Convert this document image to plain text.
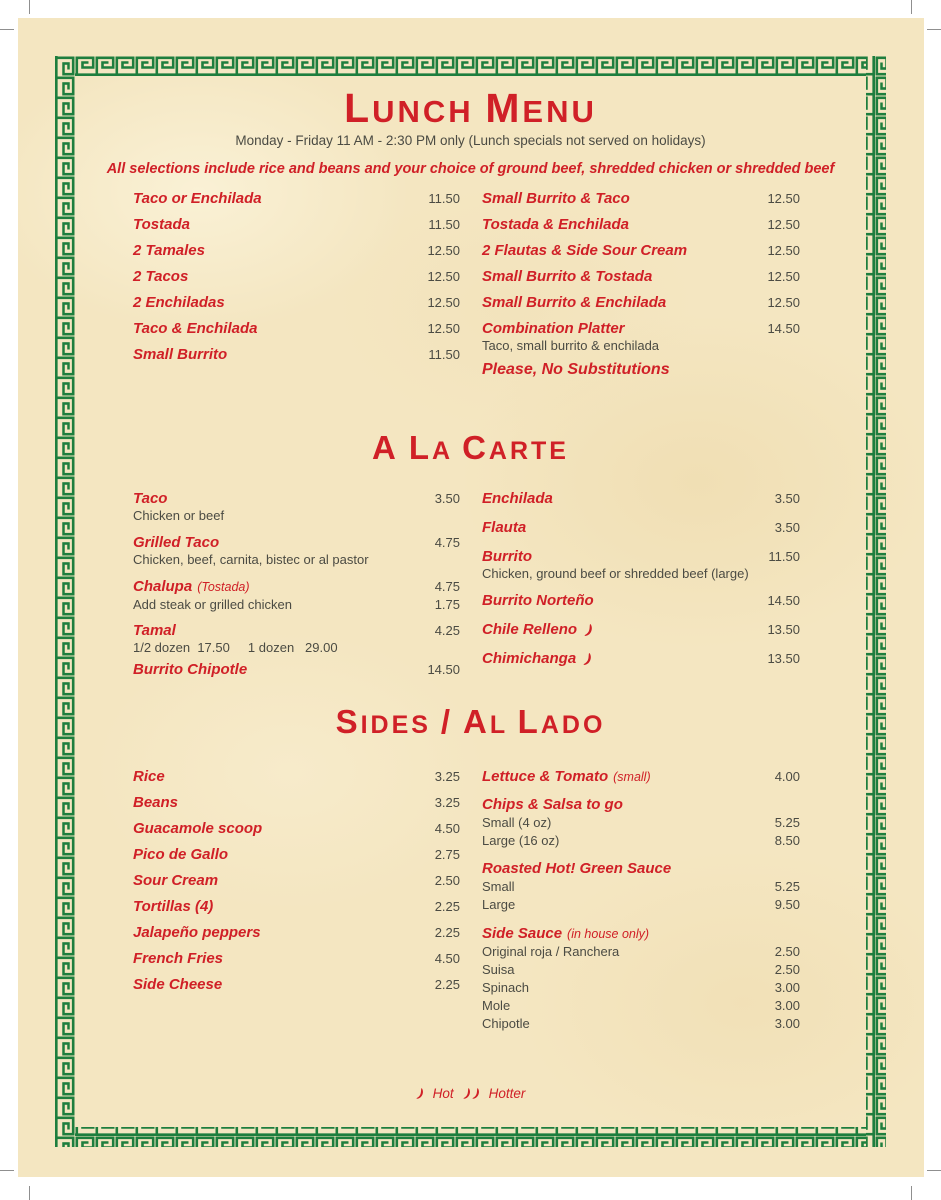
LUNCH MENU
Monday - Friday 11 AM - 2:30 PM only (Lunch specials not served on holidays)
All selections include rice and beans and your choice of ground beef, shredded chicken or shredded beef
Taco or Enchilada	11.50
Tostada	11.50
2 Tamales	12.50
2 Tacos	12.50
2 Enchiladas	12.50
Taco & Enchilada	12.50
Small Burrito	11.50
Small Burrito & Taco	12.50
Tostada & Enchilada	12.50
2 Flautas & Side Sour Cream	12.50
Small Burrito & Tostada	12.50
Small Burrito & Enchilada	12.50
Combination Platter	14.50
Taco, small burrito & enchilada
Please, No Substitutions
A LA CARTE
Taco	3.50
Chicken or beef
Grilled Taco	4.75
Chicken, beef, carnita, bistec or al pastor
Chalupa (Tostada)	4.75
Add steak or grilled chicken	1.75
Tamal	4.25
1/2 dozen  17.50     1 dozen   29.00
Burrito Chipotle	14.50
Enchilada	3.50
Flauta	3.50
Burrito	11.50
Chicken, ground beef or shredded beef (large)
Burrito Norteño	14.50
Chile Relleno	13.50
Chimichanga	13.50
SIDES / AL LADO
Rice	3.25
Beans	3.25
Guacamole scoop	4.50
Pico de Gallo	2.75
Sour Cream	2.50
Tortillas (4)	2.25
Jalapeño peppers	2.25
French Fries	4.50
Side Cheese	2.25
Lettuce & Tomato (small)	4.00
Chips & Salsa to go
Small (4 oz)	5.25
Large (16 oz)	8.50
Roasted Hot! Green Sauce
Small	5.25
Large	9.50
Side Sauce (in house only)
Original roja / Ranchera	2.50
Suisa	2.50
Spinach	3.00
Mole	3.00
Chipotle	3.00
Hot	Hotter
